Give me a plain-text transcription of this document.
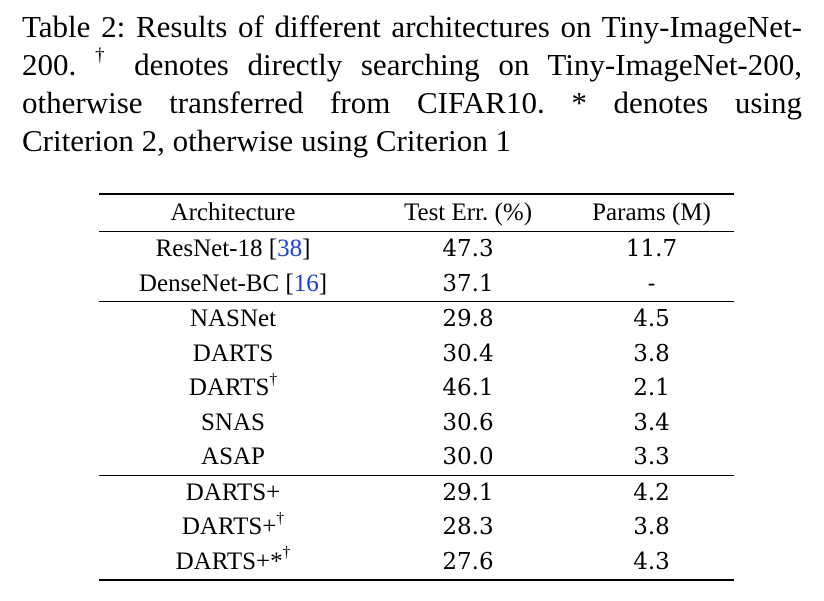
Table 2: Results of different architectures on Tiny-ImageNet-200. † denotes directly searching on Tiny-ImageNet-200, otherwise transferred from CIFAR10. * denotes using Criterion 2, otherwise using Criterion 1
Architecture	Test Err. (%)	Params (M)
ResNet-18 [38]	47.3	11.7
DenseNet-BC [16]	37.1	-
NASNet	29.8	4.5
DARTS	30.4	3.8
DARTS†	46.1	2.1
SNAS	30.6	3.4
ASAP	30.0	3.3
DARTS+	29.1	4.2
DARTS+†	28.3	3.8
DARTS+*†	27.6	4.3
